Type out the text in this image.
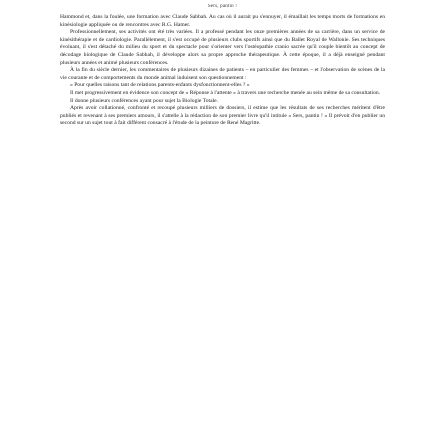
Sers, pantin !

Hammond et, dans la foulée, une formation avec Claude Sabbah. Au cas où il aurait pu s'ennuyer, il émaillait les temps morts de formations en kinésiologie appliquée ou de rencontres avec R.G. Hamer.

Professionnellement, ses activités ont été très variées. Il a professé pendant les onze premières années de sa carrière, dans un service de kinésithérapie et de cardiologie. Parallèlement, il s'est occupé de plusieurs clubs sportifs ainsi que du Ballet Royal de Wallonie. Ses techniques évoluant, il s'est détaché du milieu du sport et du spectacle pour s'orienter vers l'ostéopathie cranio sacrée qu'il couple bientôt au concept de décodage biologique de Claude Sabbah, il développe alors sa propre approche thérapeutique. À cette époque, il a déjà enseigné pendant plusieurs années et animé plusieurs conférences.

À la fin du siècle dernier, les commentaires de plusieurs dizaines de patients – en particulier des femmes – et l'observation de scènes de la vie courante et de comportements du monde animal induisent son questionnement :

« Pour quelles raisons tant de relations parents-enfants dysfonctionnent-elles ? »

Il met progressivement en évidence son concept de « Réponse à l'attente » à travers une recherche menée au sein même de sa consultation.

Il donne plusieurs conférences ayant pour sujet la Biologie Totale.

Après avoir collationné, confronté et recoupé plusieurs milliers de dossiers, il estime que les résultats de ses recherches méritent d'être publiés et revenant à ses premiers amours, il s'attelle à la rédaction de son premier livre qu'il intitule « Sers, pantin ! » Il prévoit d'en publier un second sur un sujet tout à fait différent consacré à l'étude de la peinture de René Magritte.
